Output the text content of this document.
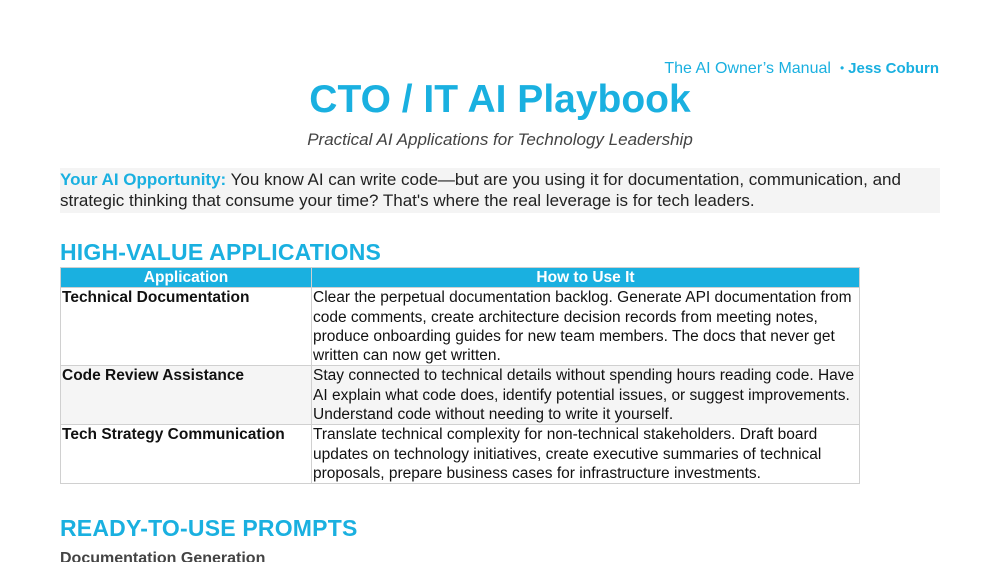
The AI Owner’s Manual • Jess Coburn
CTO / IT AI Playbook
Practical AI Applications for Technology Leadership
Your AI Opportunity: You know AI can write code—but are you using it for documentation, communication, and strategic thinking that consume your time? That's where the real leverage is for tech leaders.
HIGH-VALUE APPLICATIONS
Application	How to Use It
Technical Documentation	Clear the perpetual documentation backlog. Generate API documentation from code comments, create architecture decision records from meeting notes, produce onboarding guides for new team members. The docs that never get written can now get written.
Code Review Assistance	Stay connected to technical details without spending hours reading code. Have AI explain what code does, identify potential issues, or suggest improvements. Understand code without needing to write it yourself.
Tech Strategy Communication	Translate technical complexity for non-technical stakeholders. Draft board updates on technology initiatives, create executive summaries of technical proposals, prepare business cases for infrastructure investments.
READY-TO-USE PROMPTS
Documentation Generation
